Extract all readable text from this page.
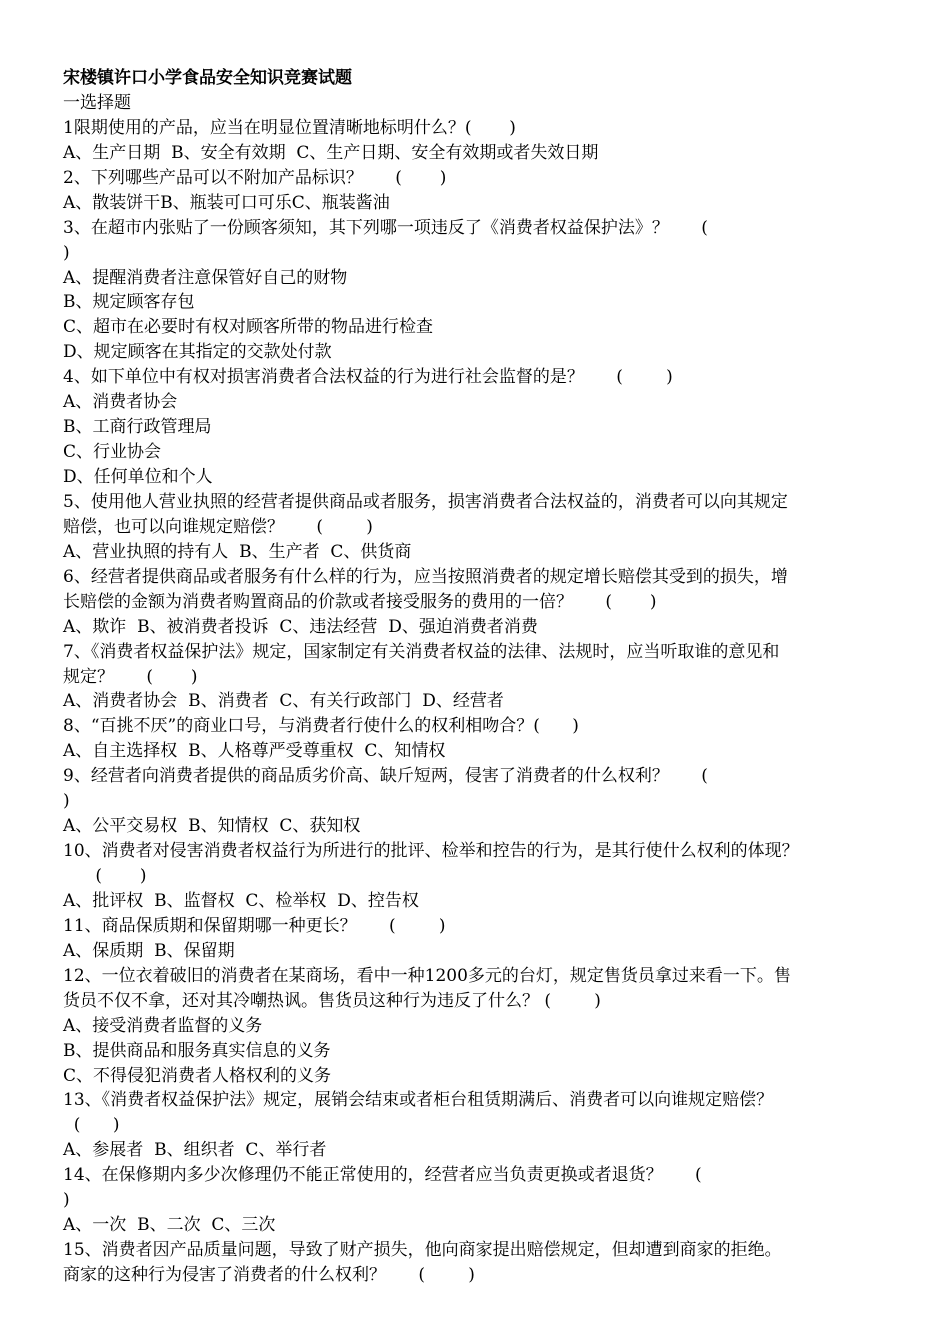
宋楼镇许口小学食品安全知识竞赛试题
一选择题
1限期使用的产品，应当在明显位置清晰地标明什么？(       )
A、生产日期  B、安全有效期  C、生产日期、安全有效期或者失效日期
2、下列哪些产品可以不附加产品标识？      (       )
A、散装饼干B、瓶装可口可乐C、瓶装酱油
3、在超市内张贴了一份顾客须知，其下列哪一项违反了《消费者权益保护法》？      (
)
A、提醒消费者注意保管好自己的财物
B、规定顾客存包
C、超市在必要时有权对顾客所带的物品进行检查
D、规定顾客在其指定的交款处付款
4、如下单位中有权对损害消费者合法权益的行为进行社会监督的是？      (        )
A、消费者协会
B、工商行政管理局
C、行业协会
D、任何单位和个人
5、使用他人营业执照的经营者提供商品或者服务，损害消费者合法权益的，消费者可以向其规定
赔偿，也可以向谁规定赔偿？      (        )
A、营业执照的持有人  B、生产者  C、供货商
6、经营者提供商品或者服务有什么样的行为，应当按照消费者的规定增长赔偿其受到的损失，增
长赔偿的金额为消费者购置商品的价款或者接受服务的费用的一倍？      (       )
A、欺诈  B、被消费者投诉  C、违法经营  D、强迫消费者消费
7、《消费者权益保护法》规定，国家制定有关消费者权益的法律、法规时，应当听取谁的意见和
规定？      (       )
A、消费者协会  B、消费者  C、有关行政部门  D、经营者
8、“百挑不厌”的商业口号，与消费者行使什么的权利相吻合？(      )
A、自主选择权  B、人格尊严受尊重权  C、知情权
9、经营者向消费者提供的商品质劣价高、缺斤短两，侵害了消费者的什么权利？      (
)
A、公平交易权  B、知情权  C、获知权
10、消费者对侵害消费者权益行为所进行的批评、检举和控告的行为，是其行使什么权利的体现？
(       )
A、批评权  B、监督权  C、检举权  D、控告权
11、商品保质期和保留期哪一种更长？      (        )
A、保质期  B、保留期
12、一位衣着破旧的消费者在某商场，看中一种1200多元的台灯，规定售货员拿过来看一下。售
货员不仅不拿，还对其冷嘲热讽。售货员这种行为违反了什么？ (        )
A、接受消费者监督的义务
B、提供商品和服务真实信息的义务
C、不得侵犯消费者人格权利的义务
13、《消费者权益保护法》规定，展销会结束或者柜台租赁期满后、消费者可以向谁规定赔偿？
(      )
A、参展者  B、组织者  C、举行者
14、在保修期内多少次修理仍不能正常使用的，经营者应当负责更换或者退货？      (
)
A、一次  B、二次  C、三次
15、消费者因产品质量问题，导致了财产损失，他向商家提出赔偿规定，但却遭到商家的拒绝。
商家的这种行为侵害了消费者的什么权利？      (        )
